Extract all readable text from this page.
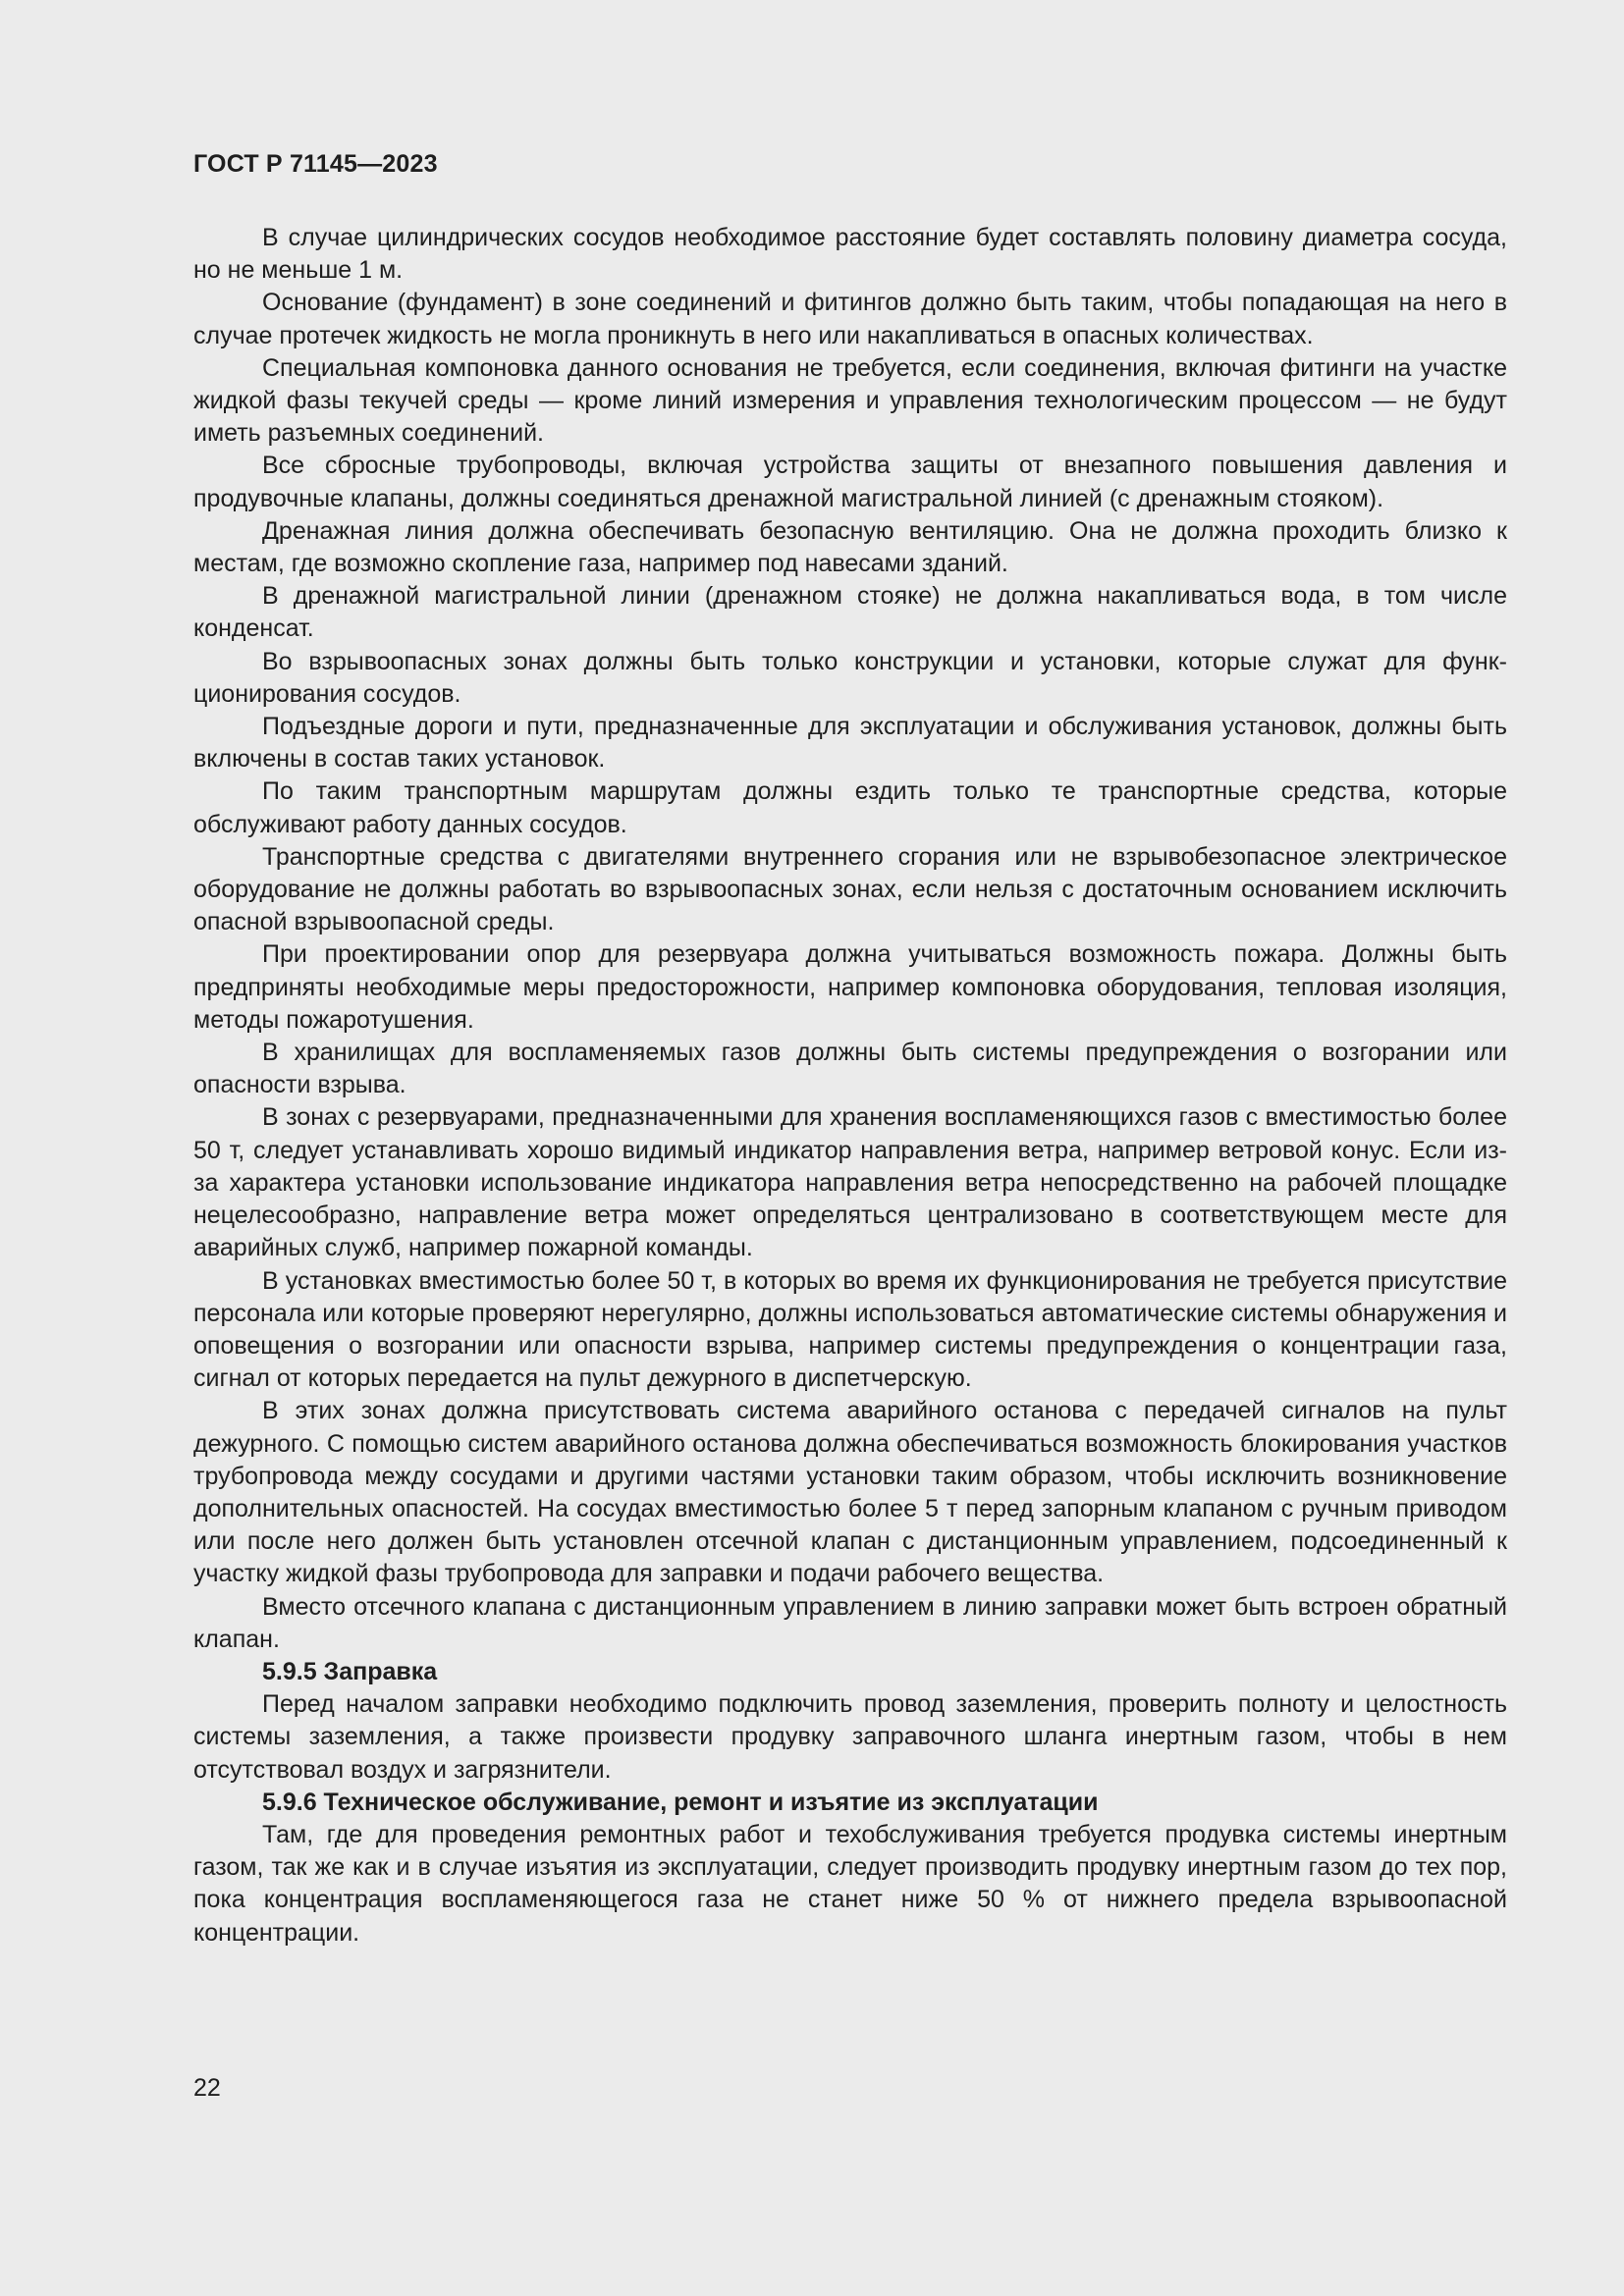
ГОСТ Р 71145—2023

В случае цилиндрических сосудов необходимое расстояние будет составлять половину диаметра сосуда, но не меньше 1 м.

Основание (фундамент) в зоне соединений и фитингов должно быть таким, чтобы попадающая на него в случае протечек жидкость не могла проникнуть в него или накапливаться в опасных количествах.

Специальная компоновка данного основания не требуется, если соединения, включая фитинги на участке жидкой фазы текучей среды — кроме линий измерения и управления технологическим процессом — не будут иметь разъемных соединений.

Все сбросные трубопроводы, включая устройства защиты от внезапного повышения давления и продувочные клапаны, должны соединяться дренажной магистральной линией (с дренажным стояком).

Дренажная линия должна обеспечивать безопасную вентиляцию. Она не должна проходить близко к местам, где возможно скопление газа, например под навесами зданий.

В дренажной магистральной линии (дренажном стояке) не должна накапливаться вода, в том числе конденсат.

Во взрывоопасных зонах должны быть только конструкции и установки, которые служат для функционирования сосудов.

Подъездные дороги и пути, предназначенные для эксплуатации и обслуживания установок, должны быть включены в состав таких установок.

По таким транспортным маршрутам должны ездить только те транспортные средства, которые обслуживают работу данных сосудов.

Транспортные средства с двигателями внутреннего сгорания или не взрывобезопасное электрическое оборудование не должны работать во взрывоопасных зонах, если нельзя с достаточным основанием исключить опасной взрывоопасной среды.

При проектировании опор для резервуара должна учитываться возможность пожара. Должны быть предприняты необходимые меры предосторожности, например компоновка оборудования, тепловая изоляция, методы пожаротушения.

В хранилищах для воспламеняемых газов должны быть системы предупреждения о возгорании или опасности взрыва.

В зонах с резервуарами, предназначенными для хранения воспламеняющихся газов с вместимостью более 50 т, следует устанавливать хорошо видимый индикатор направления ветра, например ветровой конус. Если из-за характера установки использование индикатора направления ветра непосредственно на рабочей площадке нецелесообразно, направление ветра может определяться централизовано в соответствующем месте для аварийных служб, например пожарной команды.

В установках вместимостью более 50 т, в которых во время их функционирования не требуется присутствие персонала или которые проверяют нерегулярно, должны использоваться автоматические системы обнаружения и оповещения о возгорании или опасности взрыва, например системы предупреждения о концентрации газа, сигнал от которых передается на пульт дежурного в диспетчерскую.

В этих зонах должна присутствовать система аварийного останова с передачей сигналов на пульт дежурного. С помощью систем аварийного останова должна обеспечиваться возможность блокирования участков трубопровода между сосудами и другими частями установки таким образом, чтобы исключить возникновение дополнительных опасностей. На сосудах вместимостью более 5 т перед запорным клапаном с ручным приводом или после него должен быть установлен отсечной клапан с дистанционным управлением, подсоединенный к участку жидкой фазы трубопровода для заправки и подачи рабочего вещества.

Вместо отсечного клапана с дистанционным управлением в линию заправки может быть встроен обратный клапан.

5.9.5 Заправка

Перед началом заправки необходимо подключить провод заземления, проверить полноту и целостность системы заземления, а также произвести продувку заправочного шланга инертным газом, чтобы в нем отсутствовал воздух и загрязнители.

5.9.6 Техническое обслуживание, ремонт и изъятие из эксплуатации

Там, где для проведения ремонтных работ и техобслуживания требуется продувка системы инертным газом, так же как и в случае изъятия из эксплуатации, следует производить продувку инертным газом до тех пор, пока концентрация воспламеняющегося газа не станет ниже 50 % от нижнего предела взрывоопасной концентрации.

22
